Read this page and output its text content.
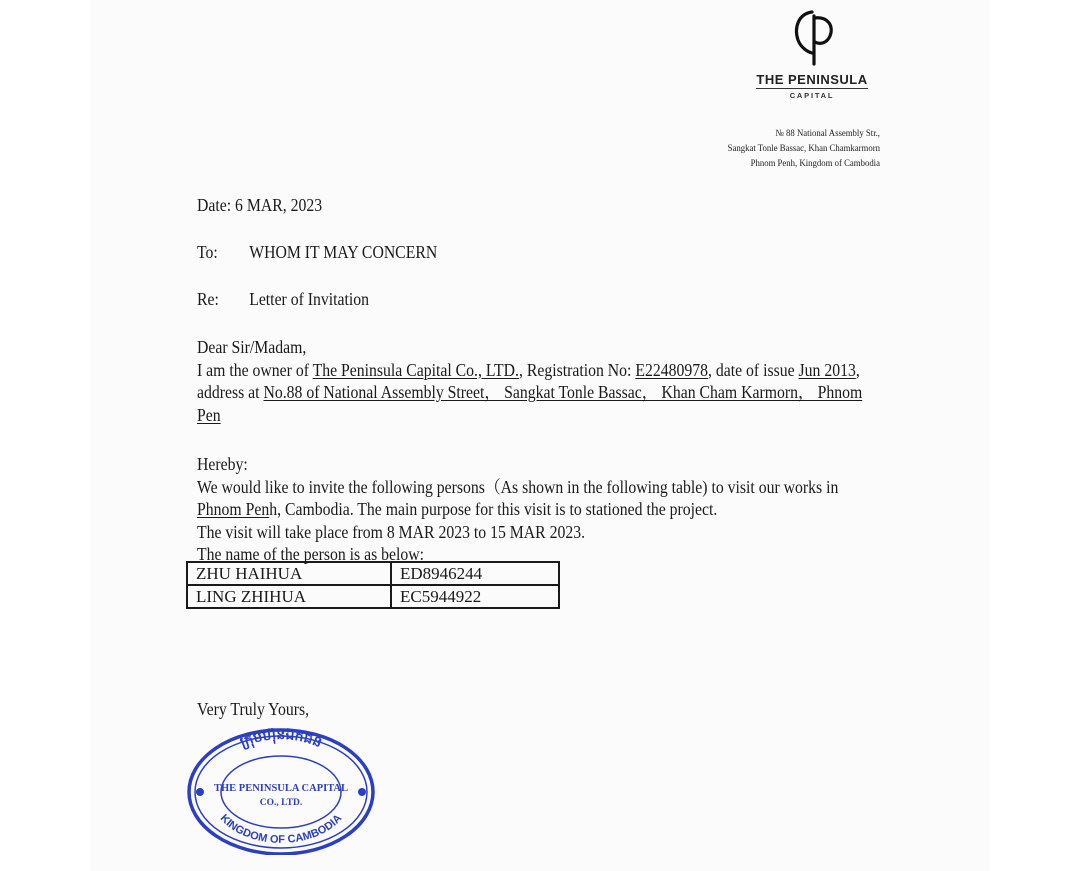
THE PENINSULA
CAPITAL
№ 88 National Assembly Str.,
Sangkat Tonle Bassac, Khan Chamkarmorn
Phnom Penh, Kingdom of Cambodia
Date: 6 MAR, 2023
To: WHOM IT MAY CONCERN
Re: Letter of Invitation
Dear Sir/Madam,
I am the owner of The Peninsula Capital Co., LTD., Registration No: E22480978, date of issue Jun 2013, address at No.88 of National Assembly Street， Sangkat Tonle Bassac， Khan Cham Karmorn， Phnom Pen
Hereby:
We would like to invite the following persons（As shown in the following table) to visit our works in Phnom Penh, Cambodia. The main purpose for this visit is to stationed the project.
The visit will take place from 8 MAR 2023 to 15 MAR 2023.
The name of the person is as below:
ZHU HAIHUA	ED8946244
LING ZHIHUA	EC5944922
Very Truly Yours,
ក្រុមហ៊ុនឯកជន
THE PENINSULA CAPITAL
CO., LTD.
KINGDOM OF CAMBODIA
